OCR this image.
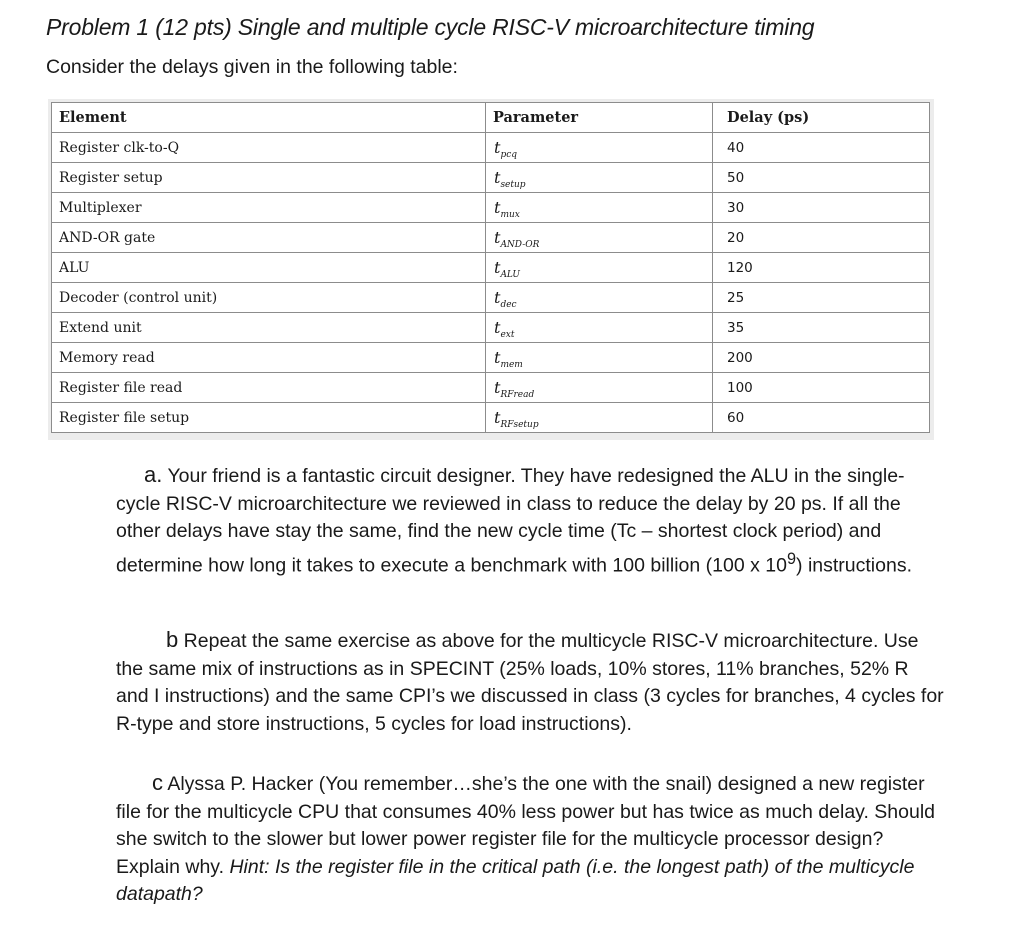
Problem 1 (12 pts) Single and multiple cycle RISC-V microarchitecture timing
Consider the delays given in the following table:
Element	Parameter	Delay (ps)
Register clk-to-Q	$t_{pcq}$	40
Register setup	$t_{setup}$	50
Multiplexer	$t_{mux}$	30
AND-OR gate	$t_{AND-OR}$	20
ALU	$t_{ALU}$	120
Decoder (control unit)	$t_{dec}$	25
Extend unit	$t_{ext}$	35
Memory read	$t_{mem}$	200
Register file read	$t_{RFread}$	100
Register file setup	$t_{RFsetup}$	60
a. Your friend is a fantastic circuit designer. They have redesigned the ALU in the single-cycle RISC-V microarchitecture we reviewed in class to reduce the delay by 20 ps. If all the other delays have stay the same, find the new cycle time (Tc – shortest clock period) and determine how long it takes to execute a benchmark with 100 billion (100 x $10^9$) instructions.
b Repeat the same exercise as above for the multicycle RISC-V microarchitecture. Use the same mix of instructions as in SPECINT (25% loads, 10% stores, 11% branches, 52% R and I instructions) and the same CPI’s we discussed in class (3 cycles for branches, 4 cycles for R-type and store instructions, 5 cycles for load instructions).
c Alyssa P. Hacker (You remember…she’s the one with the snail) designed a new register file for the multicycle CPU that consumes 40% less power but has twice as much delay. Should she switch to the slower but lower power register file for the multicycle processor design? Explain why. Hint: Is the register file in the critical path (i.e. the longest path) of the multicycle datapath?
